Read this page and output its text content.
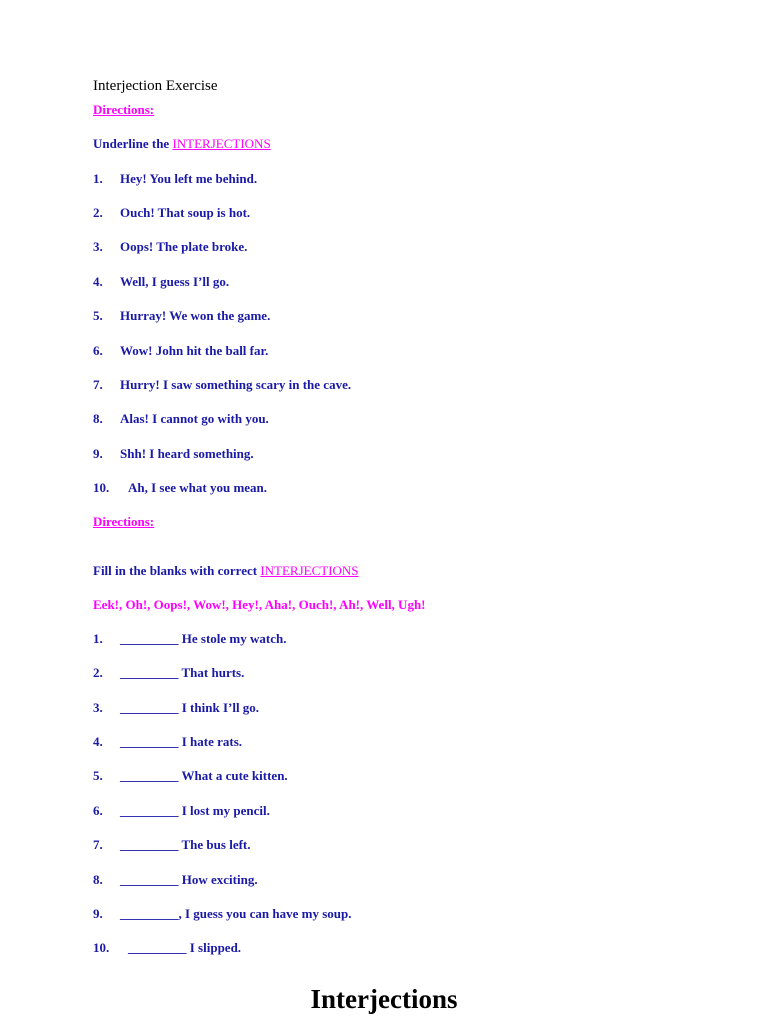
Interjection Exercise
Directions:
Underline the INTERJECTIONS
1. Hey! You left me behind.
2. Ouch! That soup is hot.
3. Oops! The plate broke.
4. Well, I guess I’ll go.
5. Hurray! We won the game.
6. Wow! John hit the ball far.
7. Hurry! I saw something scary in the cave.
8. Alas! I cannot go with you.
9. Shh! I heard something.
10. Ah, I see what you mean.
Directions:
Fill in the blanks with correct INTERJECTIONS
Eek!, Oh!, Oops!, Wow!, Hey!, Aha!, Ouch!, Ah!, Well, Ugh!
1. _________ He stole my watch.
2. _________ That hurts.
3. _________ I think I’ll go.
4. _________ I hate rats.
5. _________ What a cute kitten.
6. _________ I lost my pencil.
7. _________ The bus left.
8. _________ How exciting.
9. _________, I guess you can have my soup.
10. _________ I slipped.
Interjections
